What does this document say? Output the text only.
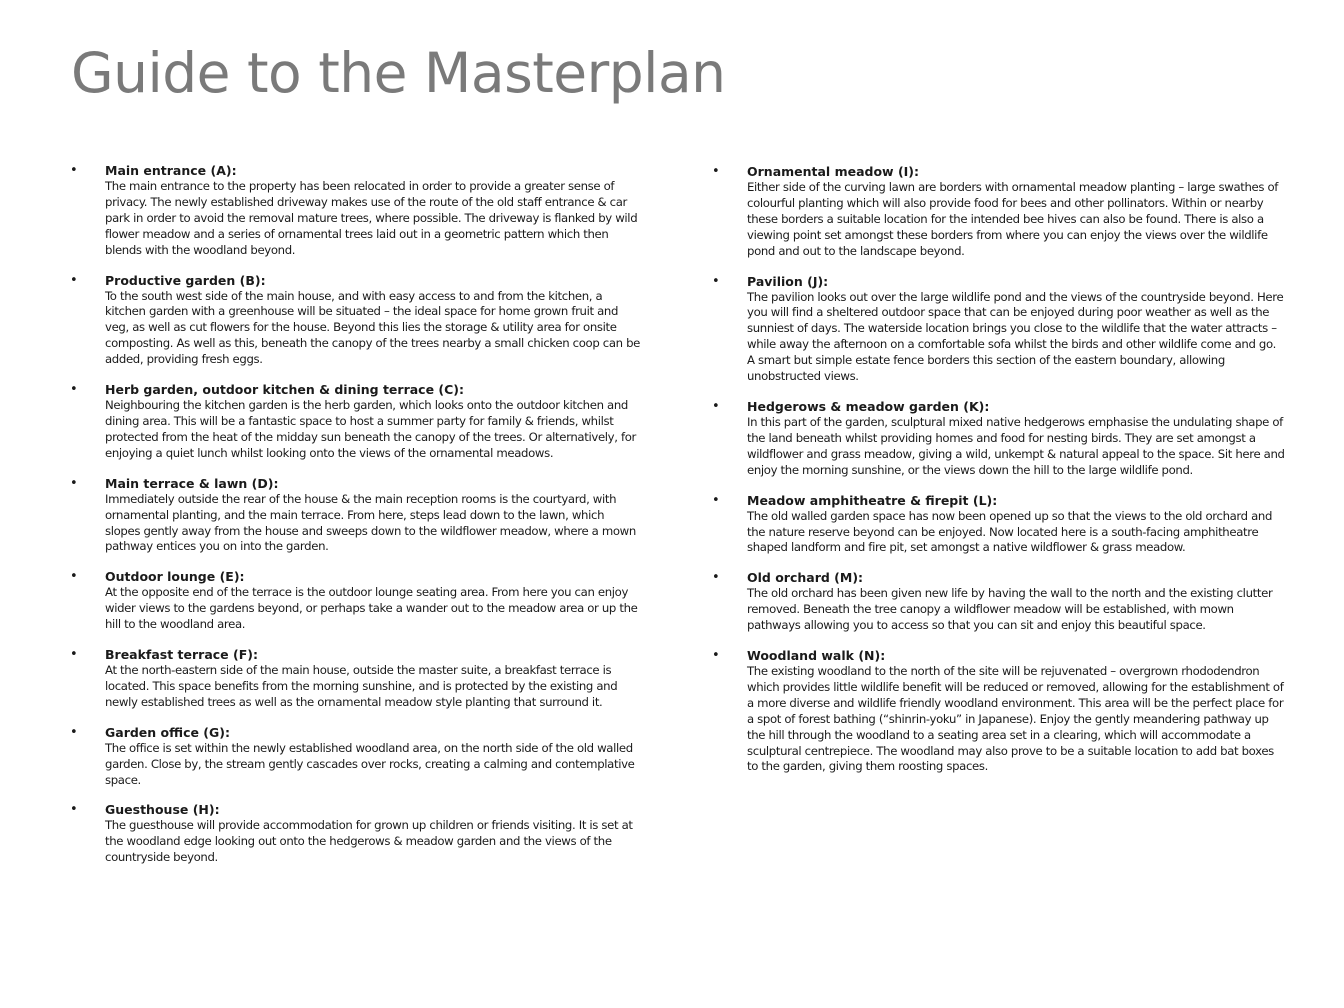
Guide to the Masterplan
• Main entrance (A):
The main entrance to the property has been relocated in order to provide a greater sense of privacy. The newly established driveway makes use of the route of the old staff entrance & car park in order to avoid the removal mature trees, where possible. The driveway is flanked by wild flower meadow and a series of ornamental trees laid out in a geometric pattern which then blends with the woodland beyond.
• Productive garden (B):
To the south west side of the main house, and with easy access to and from the kitchen, a kitchen garden with a greenhouse will be situated – the ideal space for home grown fruit and veg, as well as cut flowers for the house. Beyond this lies the storage & utility area for onsite composting. As well as this, beneath the canopy of the trees nearby a small chicken coop can be added, providing fresh eggs.
• Herb garden, outdoor kitchen & dining terrace (C):
Neighbouring the kitchen garden is the herb garden, which looks onto the outdoor kitchen and dining area. This will be a fantastic space to host a summer party for family & friends, whilst protected from the heat of the midday sun beneath the canopy of the trees. Or alternatively, for enjoying a quiet lunch whilst looking onto the views of the ornamental meadows.
• Main terrace & lawn (D):
Immediately outside the rear of the house & the main reception rooms is the courtyard, with ornamental planting, and the main terrace. From here, steps lead down to the lawn, which slopes gently away from the house and sweeps down to the wildflower meadow, where a mown pathway entices you on into the garden.
• Outdoor lounge (E):
At the opposite end of the terrace is the outdoor lounge seating area. From here you can enjoy wider views to the gardens beyond, or perhaps take a wander out to the meadow area or up the hill to the woodland area.
• Breakfast terrace (F):
At the north-eastern side of the main house, outside the master suite, a breakfast terrace is located. This space benefits from the morning sunshine, and is protected by the existing and newly established trees as well as the ornamental meadow style planting that surround it.
• Garden office (G):
The office is set within the newly established woodland area, on the north side of the old walled garden. Close by, the stream gently cascades over rocks, creating a calming and contemplative space.
• Guesthouse (H):
The guesthouse will provide accommodation for grown up children or friends visiting. It is set at the woodland edge looking out onto the hedgerows & meadow garden and the views of the countryside beyond.
• Ornamental meadow (I):
Either side of the curving lawn are borders with ornamental meadow planting – large swathes of colourful planting which will also provide food for bees and other pollinators. Within or nearby these borders a suitable location for the intended bee hives can also be found. There is also a viewing point set amongst these borders from where you can enjoy the views over the wildlife pond and out to the landscape beyond.
• Pavilion (J):
The pavilion looks out over the large wildlife pond and the views of the countryside beyond. Here you will find a sheltered outdoor space that can be enjoyed during poor weather as well as the sunniest of days. The waterside location brings you close to the wildlife that the water attracts – while away the afternoon on a comfortable sofa whilst the birds and other wildlife come and go. A smart but simple estate fence borders this section of the eastern boundary, allowing unobstructed views.
• Hedgerows & meadow garden (K):
In this part of the garden, sculptural mixed native hedgerows emphasise the undulating shape of the land beneath whilst providing homes and food for nesting birds. They are set amongst a wildflower and grass meadow, giving a wild, unkempt & natural appeal to the space. Sit here and enjoy the morning sunshine, or the views down the hill to the large wildlife pond.
• Meadow amphitheatre & firepit (L):
The old walled garden space has now been opened up so that the views to the old orchard and the nature reserve beyond can be enjoyed. Now located here is a south-facing amphitheatre shaped landform and fire pit, set amongst a native wildflower & grass meadow.
• Old orchard (M):
The old orchard has been given new life by having the wall to the north and the existing clutter removed. Beneath the tree canopy a wildflower meadow will be established, with mown pathways allowing you to access so that you can sit and enjoy this beautiful space.
• Woodland walk (N):
The existing woodland to the north of the site will be rejuvenated – overgrown rhododendron which provides little wildlife benefit will be reduced or removed, allowing for the establishment of a more diverse and wildlife friendly woodland environment. This area will be the perfect place for a spot of forest bathing (“shinrin-yoku” in Japanese). Enjoy the gently meandering pathway up the hill through the woodland to a seating area set in a clearing, which will accommodate a sculptural centrepiece. The woodland may also prove to be a suitable location to add bat boxes to the garden, giving them roosting spaces.
